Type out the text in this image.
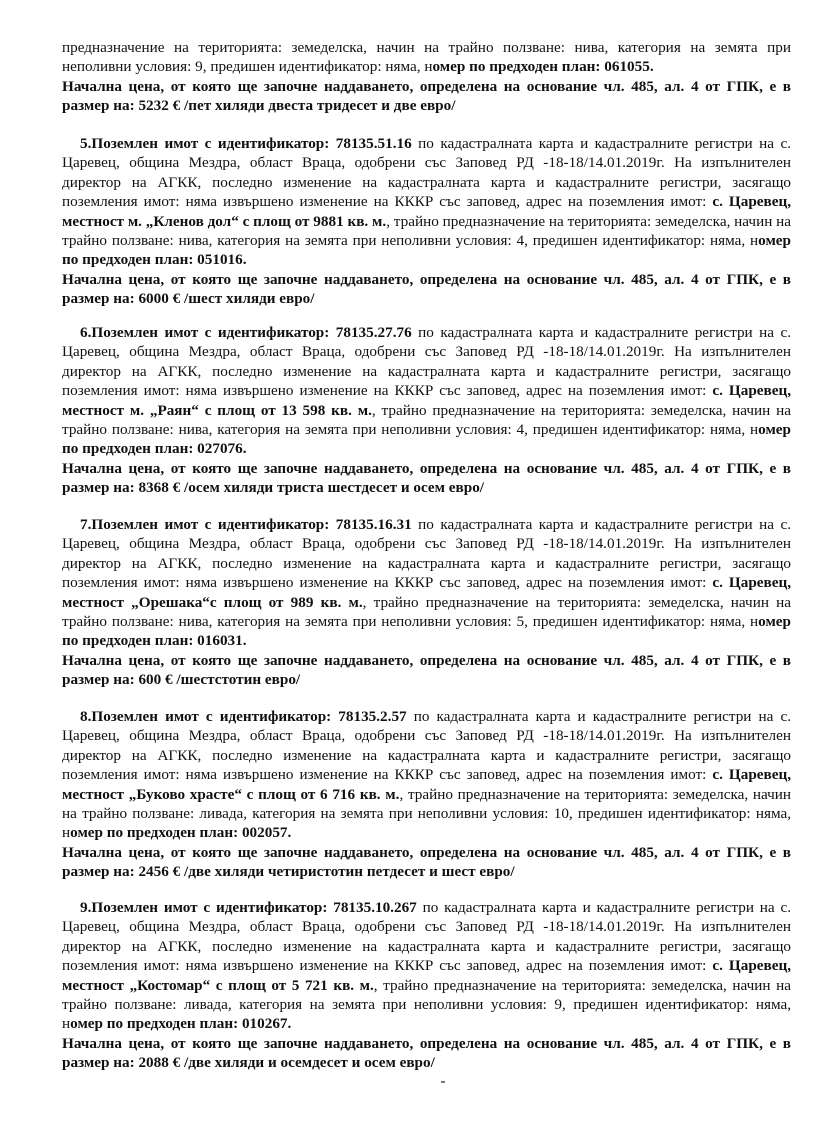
предназначение на територията: земеделска, начин на трайно ползване: нива, категория на земята при неполивни условия: 9, предишен идентификатор: няма, номер по предходен план: 061055.

Начална цена, от която ще започне наддаването, определена на основание чл. 485, ал. 4 от ГПК, е в размер на: 5232 € /пет хиляди двеста тридесет и две евро/

5.Поземлен имот с идентификатор: 78135.51.16 по кадастралната карта и кадастралните регистри на с. Царевец, община Мездра, област Враца, одобрени със Заповед РД -18-18/14.01.2019г. На изпълнителен директор на АГКК, последно изменение на кадастралната карта и кадастралните регистри, засягащо поземления имот: няма извършено изменение на КККР със заповед, адрес на поземления имот: с. Царевец, местност м. „Кленов дол“ с площ от 9881 кв. м., трайно предназначение на територията: земеделска, начин на трайно ползване: нива, категория на земята при неполивни условия: 4, предишен идентификатор: няма, номер по предходен план: 051016.

Начална цена, от която ще започне наддаването, определена на основание чл. 485, ал. 4 от ГПК, е в размер на: 6000 € /шест хиляди евро/

6.Поземлен имот с идентификатор: 78135.27.76 по кадастралната карта и кадастралните регистри на с. Царевец, община Мездра, област Враца, одобрени със Заповед РД -18-18/14.01.2019г. На изпълнителен директор на АГКК, последно изменение на кадастралната карта и кадастралните регистри, засягащо поземления имот: няма извършено изменение на КККР със заповед, адрес на поземления имот: с. Царевец, местност м. „Раян“ с площ от 13 598 кв. м., трайно предназначение на територията: земеделска, начин на трайно ползване: нива, категория на земята при неполивни условия: 4, предишен идентификатор: няма, номер по предходен план: 027076.

Начална цена, от която ще започне наддаването, определена на основание чл. 485, ал. 4 от ГПК, е в размер на: 8368 € /осем хиляди триста шестдесет и осем евро/

7.Поземлен имот с идентификатор: 78135.16.31 по кадастралната карта и кадастралните регистри на с. Царевец, община Мездра, област Враца, одобрени със Заповед РД -18-18/14.01.2019г. На изпълнителен директор на АГКК, последно изменение на кадастралната карта и кадастралните регистри, засягащо поземления имот: няма извършено изменение на КККР със заповед, адрес на поземления имот: с. Царевец, местност „Орешака“с площ от 989 кв. м., трайно предназначение на територията: земеделска, начин на трайно ползване: нива, категория на земята при неполивни условия: 5, предишен идентификатор: няма, номер по предходен план: 016031.

Начална цена, от която ще започне наддаването, определена на основание чл. 485, ал. 4 от ГПК, е в размер на: 600 € /шестстотин евро/

8.Поземлен имот с идентификатор: 78135.2.57 по кадастралната карта и кадастралните регистри на с. Царевец, община Мездра, област Враца, одобрени със Заповед РД -18-18/14.01.2019г. На изпълнителен директор на АГКК, последно изменение на кадастралната карта и кадастралните регистри, засягащо поземления имот: няма извършено изменение на КККР със заповед, адрес на поземления имот: с. Царевец, местност „Буково храсте“ с площ от 6 716 кв. м., трайно предназначение на територията: земеделска, начин на трайно ползване: ливада, категория на земята при неполивни условия: 10, предишен идентификатор: няма, номер по предходен план: 002057.

Начална цена, от която ще започне наддаването, определена на основание чл. 485, ал. 4 от ГПК, е в размер на: 2456 € /две хиляди четиристотин петдесет и шест евро/

9.Поземлен имот с идентификатор: 78135.10.267 по кадастралната карта и кадастралните регистри на с. Царевец, община Мездра, област Враца, одобрени със Заповед РД -18-18/14.01.2019г. На изпълнителен директор на АГКК, последно изменение на кадастралната карта и кадастралните регистри, засягащо поземления имот: няма извършено изменение на КККР със заповед, адрес на поземления имот: с. Царевец, местност „Костомар“ с площ от 5 721 кв. м., трайно предназначение на територията: земеделска, начин на трайно ползване: ливада, категория на земята при неполивни условия: 9, предишен идентификатор: няма, номер по предходен план: 010267.

Начална цена, от която ще започне наддаването, определена на основание чл. 485, ал. 4 от ГПК, е в размер на: 2088 € /две хиляди и осемдесет и осем евро/
